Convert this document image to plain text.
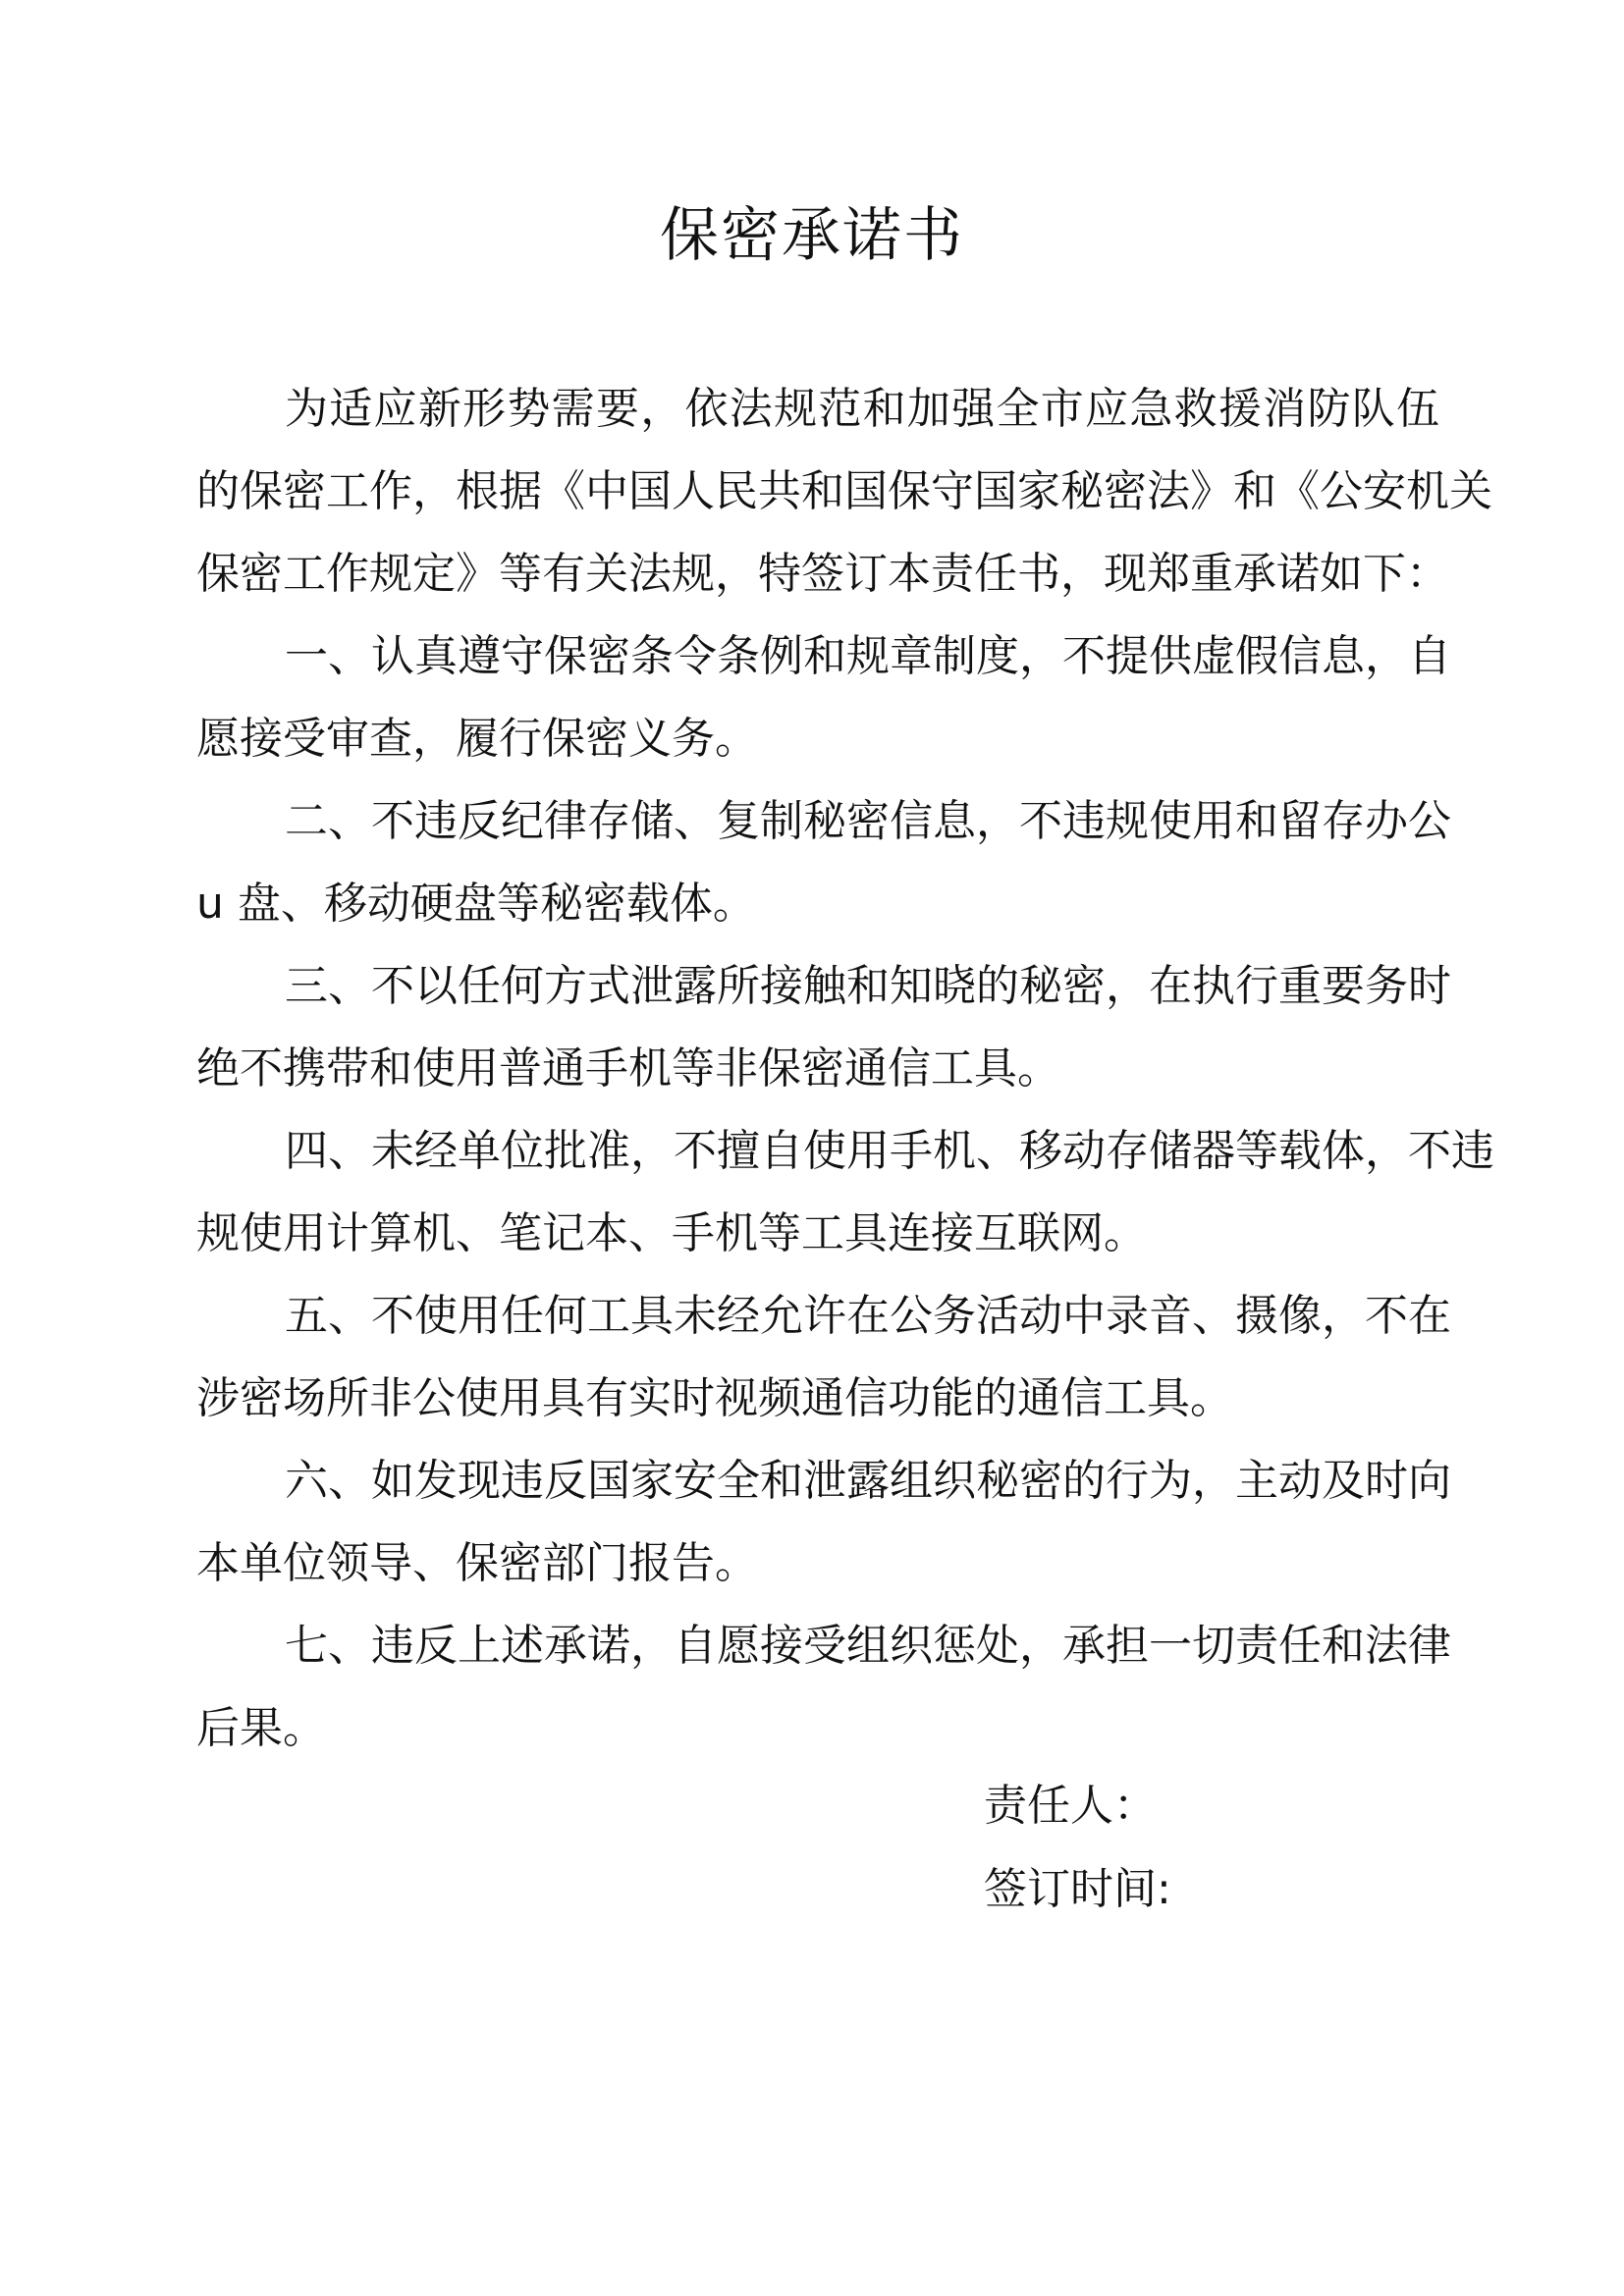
保密承诺书
为适应新形势需要，依法规范和加强全市应急救援消防队伍
的保密工作，根据《中国人民共和国保守国家秘密法》和《公安机关
保密工作规定》等有关法规，特签订本责任书，现郑重承诺如下：
一、认真遵守保密条令条例和规章制度，不提供虚假信息，自
愿接受审查，履行保密义务。
二、不违反纪律存储、复制秘密信息，不违规使用和留存办公
u 盘、移动硬盘等秘密载体。
三、不以任何方式泄露所接触和知晓的秘密，在执行重要务时
绝不携带和使用普通手机等非保密通信工具。
四、未经单位批准，不擅自使用手机、移动存储器等载体，不违
规使用计算机、笔记本、手机等工具连接互联网。
五、不使用任何工具未经允许在公务活动中录音、摄像，不在
涉密场所非公使用具有实时视频通信功能的通信工具。
六、如发现违反国家安全和泄露组织秘密的行为，主动及时向
本单位领导、保密部门报告。
七、违反上述承诺，自愿接受组织惩处，承担一切责任和法律
后果。
责任人：
签订时间:
